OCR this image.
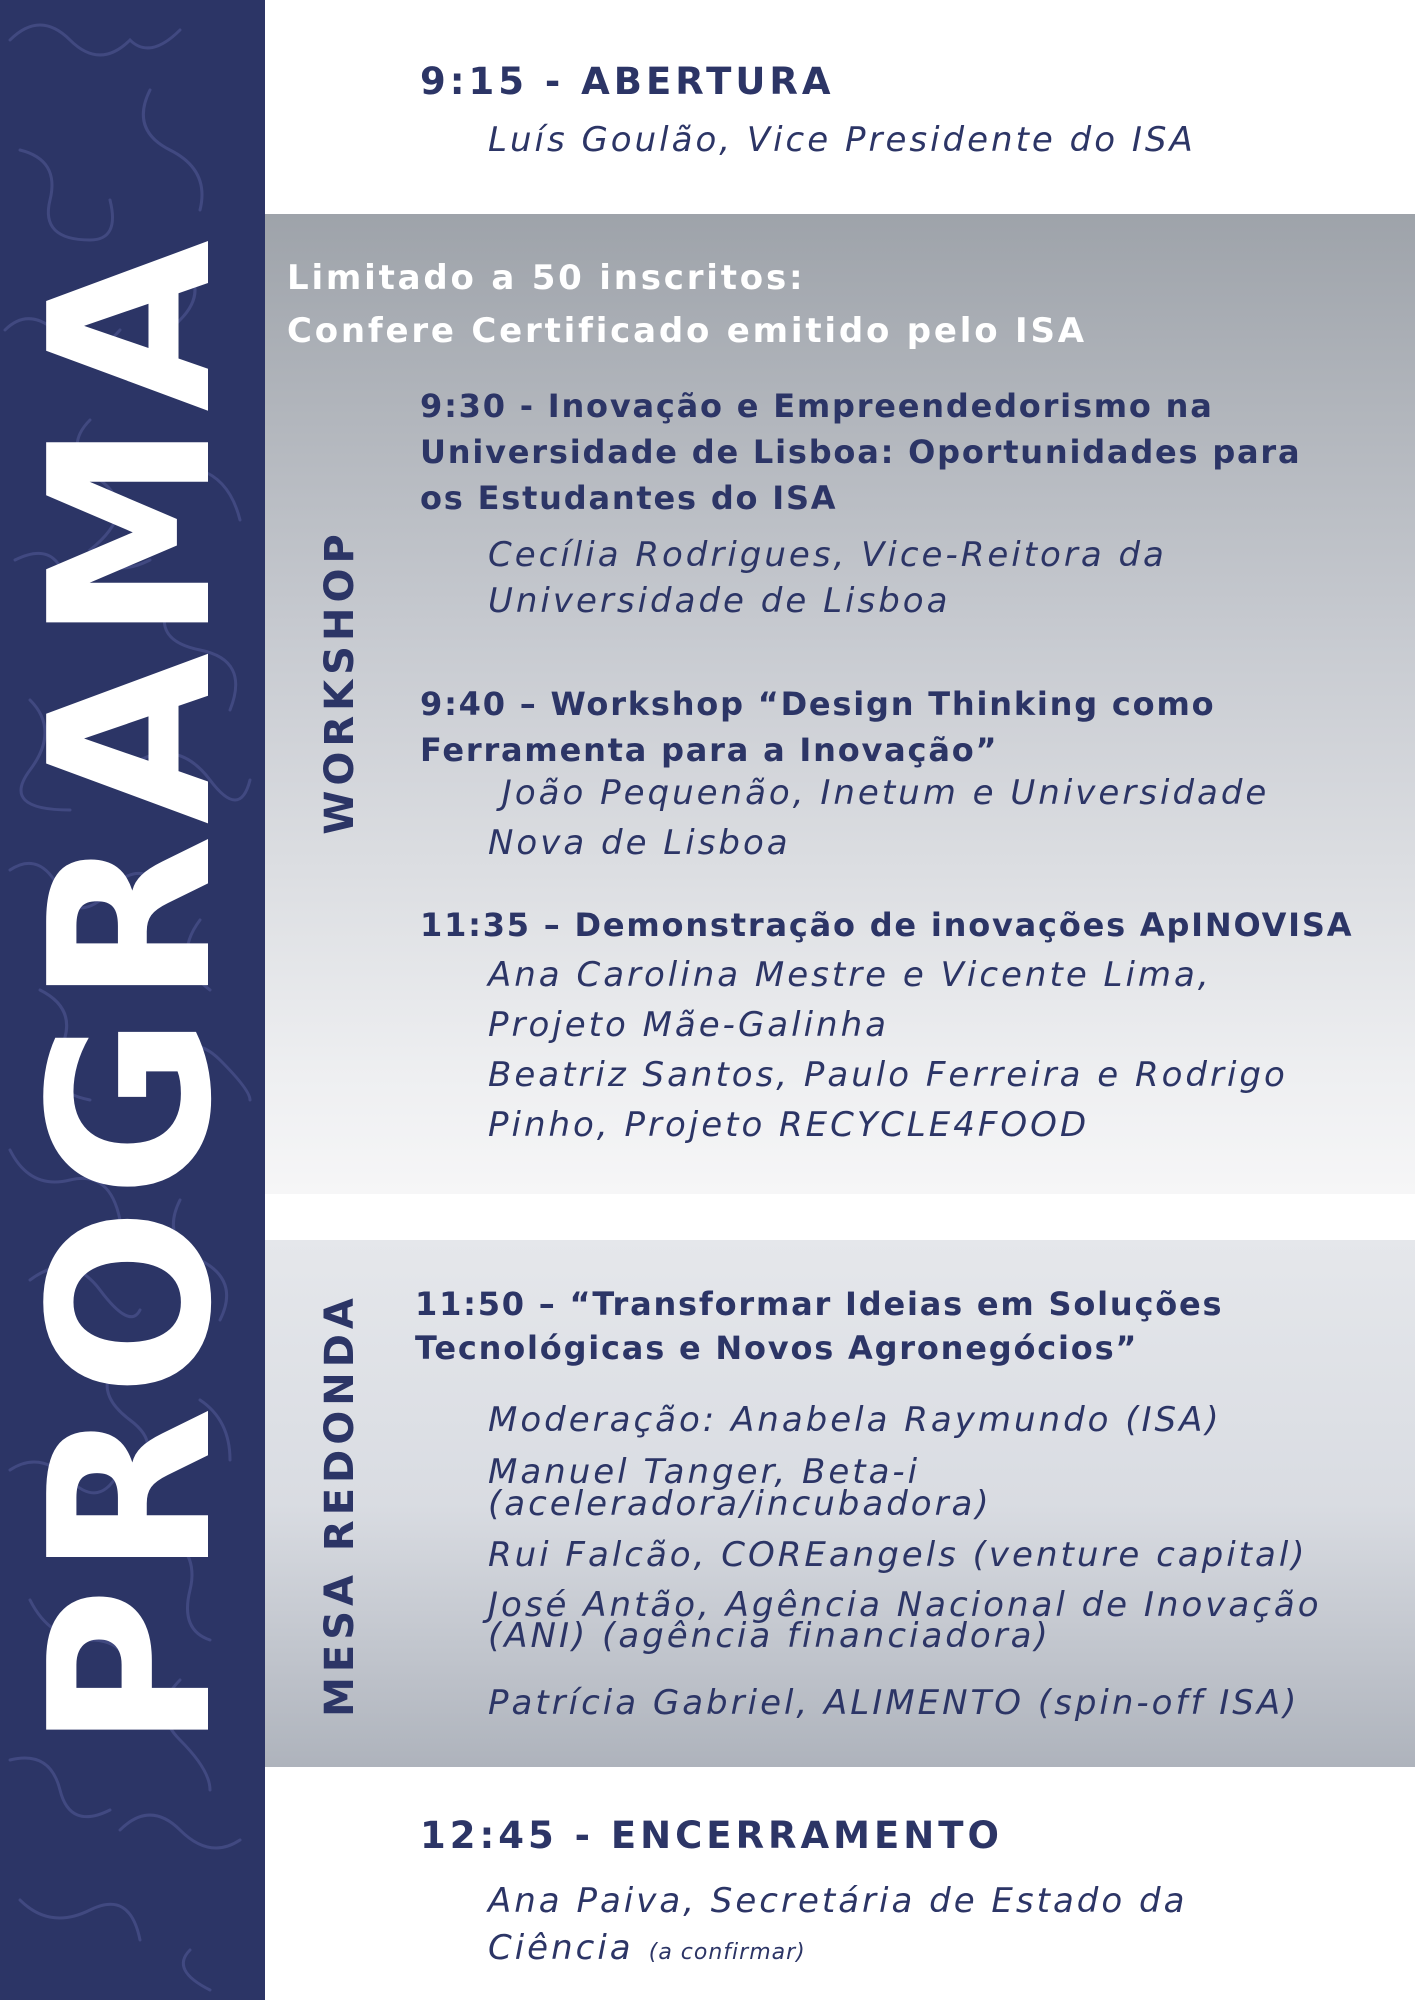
PROGRAMA
9:15 - ABERTURA
Luís Goulão, Vice Presidente do ISA
Limitado a 50 inscritos:
Confere Certificado emitido pelo ISA
WORKSHOP
9:30 - Inovação e Empreendedorismo na
Universidade de Lisboa: Oportunidades para
os Estudantes do ISA
Cecília Rodrigues, Vice-Reitora da
Universidade de Lisboa
9:40 – Workshop “Design Thinking como
Ferramenta para a Inovação”
João Pequenão, Inetum e Universidade
Nova de Lisboa
11:35 – Demonstração de inovações ApINOVISA
Ana Carolina Mestre e Vicente Lima,
Projeto Mãe-Galinha
Beatriz Santos, Paulo Ferreira e Rodrigo
Pinho, Projeto RECYCLE4FOOD
MESA REDONDA 11:50 – “Transformar Ideias em Soluções
Tecnológicas e Novos Agronegócios”
Moderação: Anabela Raymundo (ISA)
Manuel Tanger, Beta-i
(aceleradora/incubadora)
Rui Falcão, COREangels (venture capital)
José Antão, Agência Nacional de Inovação
(ANI) (agência financiadora)
Patrícia Gabriel, ALIMENTO (spin-off ISA)
12:45 - ENCERRAMENTO
Ana Paiva, Secretária de Estado da
Ciência (a confirmar)
